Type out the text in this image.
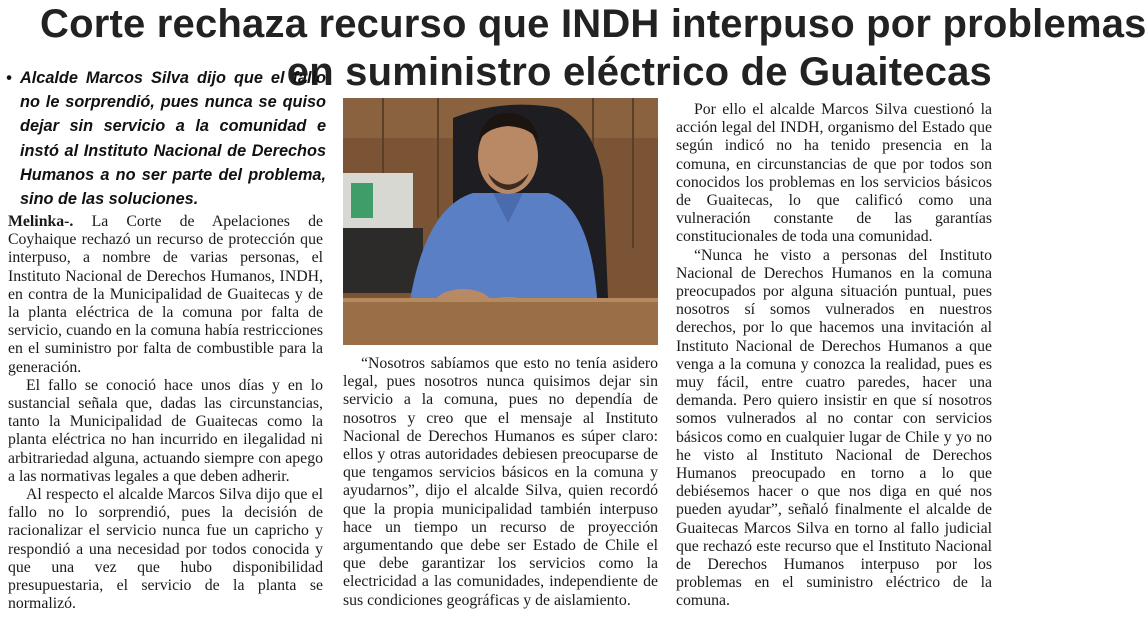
Corte rechaza recurso que INDH interpuso por problemas
en suministro eléctrico de Guaitecas
• Alcalde Marcos Silva dijo que el fallo no le sorprendió, pues nunca se quiso dejar sin servicio a la comunidad e instó al Instituto Nacional de Derechos Humanos a no ser parte del problema, sino de las soluciones.

Melinka-. La Corte de Apelaciones de Coyhaique rechazó un recurso de protección que interpuso, a nombre de varias personas, el Instituto Nacional de Derechos Humanos, INDH, en contra de la Municipalidad de Guaitecas y de la planta eléctrica de la comuna por falta de servicio, cuando en la comuna había restricciones en el suministro por falta de combustible para la generación.

El fallo se conoció hace unos días y en lo sustancial señala que, dadas las circunstancias, tanto la Municipalidad de Guaitecas como la planta eléctrica no han incurrido en ilegalidad ni arbitrariedad alguna, actuando siempre con apego a las normativas legales a que deben adherir.

Al respecto el alcalde Marcos Silva dijo que el fallo no lo sorprendió, pues la decisión de racionalizar el servicio nunca fue un capricho y respondió a una necesidad por todos conocida y que una vez que hubo disponibilidad presupuestaria, el servicio de la planta se normalizó.

“Nosotros sabíamos que esto no tenía asidero legal, pues nosotros nunca quisimos dejar sin servicio a la comuna, pues no dependía de nosotros y creo que el mensaje al Instituto Nacional de Derechos Humanos es súper claro: ellos y otras autoridades debiesen preocuparse de que tengamos servicios básicos en la comuna y ayudarnos”, dijo el alcalde Silva, quien recordó que la propia municipalidad también interpuso hace un tiempo un recurso de proyección argumentando que debe ser Estado de Chile el que debe garantizar los servicios como la electricidad a las comunidades, independiente de sus condiciones geográficas y de aislamiento.

Por ello el alcalde Marcos Silva cuestionó la acción legal del INDH, organismo del Estado que según indicó no ha tenido presencia en la comuna, en circunstancias de que por todos son conocidos los problemas en los servicios básicos de Guaitecas, lo que calificó como una vulneración constante de las garantías constitucionales de toda una comunidad.

“Nunca he visto a personas del Instituto Nacional de Derechos Humanos en la comuna preocupados por alguna situación puntual, pues nosotros sí somos vulnerados en nuestros derechos, por lo que hacemos una invitación al Instituto Nacional de Derechos Humanos a que venga a la comuna y conozca la realidad, pues es muy fácil, entre cuatro paredes, hacer una demanda. Pero quiero insistir en que sí nosotros somos vulnerados al no contar con servicios básicos como en cualquier lugar de Chile y yo no he visto al Instituto Nacional de Derechos Humanos preocupado en torno a lo que debiésemos hacer o que nos diga en qué nos pueden ayudar”, señaló finalmente el alcalde de Guaitecas Marcos Silva en torno al fallo judicial que rechazó este recurso que el Instituto Nacional de Derechos Humanos interpuso por los problemas en el suministro eléctrico de la comuna.
